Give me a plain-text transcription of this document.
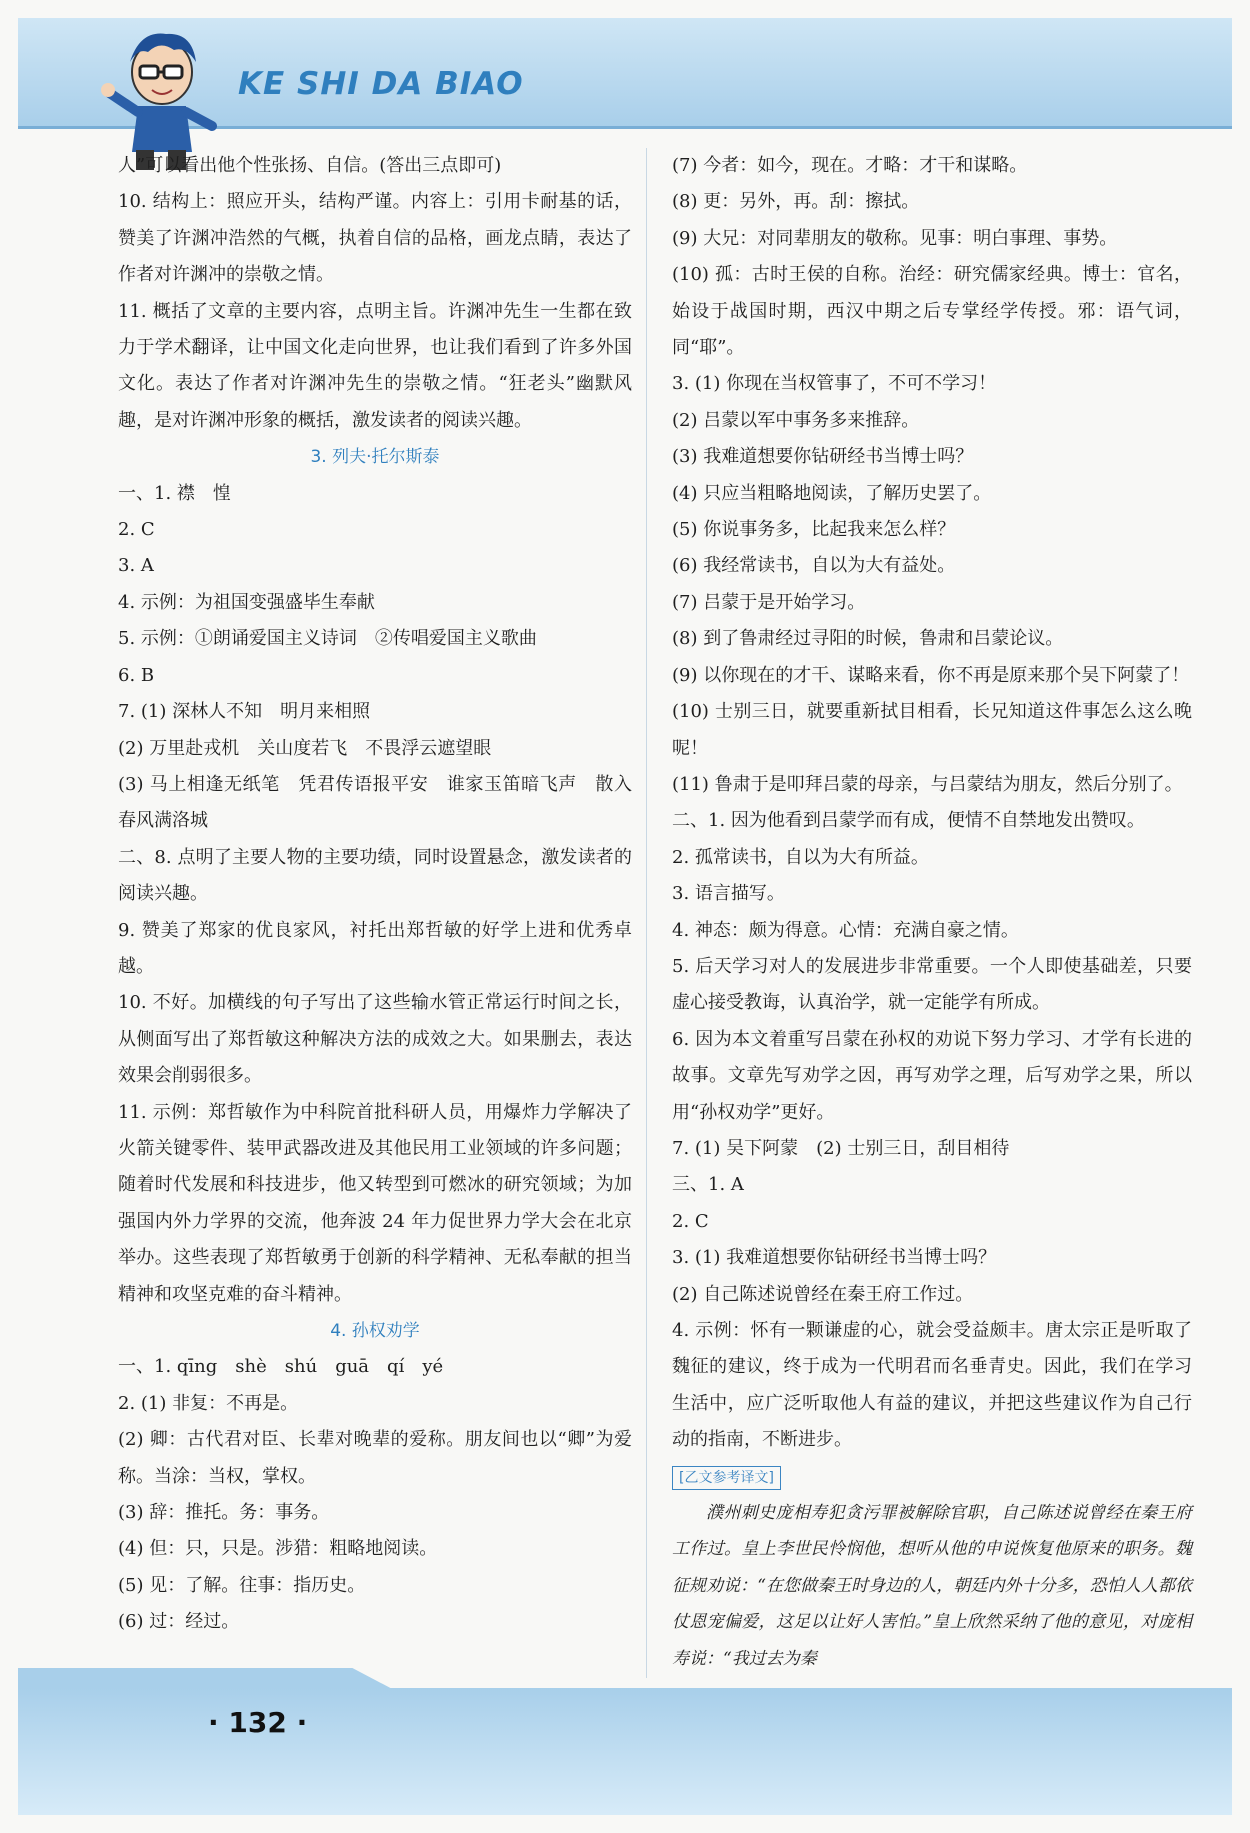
KE SHI DA BIAO

人”可以看出他个性张扬、自信。(答出三点即可)

10. 结构上：照应开头，结构严谨。内容上：引用卡耐基的话，赞美了许渊冲浩然的气概，执着自信的品格，画龙点睛，表达了作者对许渊冲的崇敬之情。

11. 概括了文章的主要内容，点明主旨。许渊冲先生一生都在致力于学术翻译，让中国文化走向世界，也让我们看到了许多外国文化。表达了作者对许渊冲先生的崇敬之情。“狂老头”幽默风趣，是对许渊冲形象的概括，激发读者的阅读兴趣。

3. 列夫·托尔斯泰

一、1. 襟　惶

2. C

3. A

4. 示例：为祖国变强盛毕生奉献

5. 示例：①朗诵爱国主义诗词　②传唱爱国主义歌曲

6. B

7. (1) 深林人不知　明月来相照

(2) 万里赴戎机　关山度若飞　不畏浮云遮望眼

(3) 马上相逢无纸笔　凭君传语报平安　谁家玉笛暗飞声　散入春风满洛城

二、8. 点明了主要人物的主要功绩，同时设置悬念，激发读者的阅读兴趣。

9. 赞美了郑家的优良家风，衬托出郑哲敏的好学上进和优秀卓越。

10. 不好。加横线的句子写出了这些输水管正常运行时间之长，从侧面写出了郑哲敏这种解决方法的成效之大。如果删去，表达效果会削弱很多。

11. 示例：郑哲敏作为中科院首批科研人员，用爆炸力学解决了火箭关键零件、装甲武器改进及其他民用工业领域的许多问题；随着时代发展和科技进步，他又转型到可燃冰的研究领域；为加强国内外力学界的交流，他奔波 24 年力促世界力学大会在北京举办。这些表现了郑哲敏勇于创新的科学精神、无私奉献的担当精神和攻坚克难的奋斗精神。

4. 孙权劝学

一、1. qīng　shè　shú　guā　qí　yé

2. (1) 非复：不再是。

(2) 卿：古代君对臣、长辈对晚辈的爱称。朋友间也以“卿”为爱称。当涂：当权，掌权。

(3) 辞：推托。务：事务。

(4) 但：只，只是。涉猎：粗略地阅读。

(5) 见：了解。往事：指历史。

(6) 过：经过。

(7) 今者：如今，现在。才略：才干和谋略。

(8) 更：另外，再。刮：擦拭。

(9) 大兄：对同辈朋友的敬称。见事：明白事理、事势。

(10) 孤：古时王侯的自称。治经：研究儒家经典。博士：官名，始设于战国时期，西汉中期之后专掌经学传授。邪：语气词，同“耶”。

3. (1) 你现在当权管事了，不可不学习！

(2) 吕蒙以军中事务多来推辞。

(3) 我难道想要你钻研经书当博士吗？

(4) 只应当粗略地阅读，了解历史罢了。

(5) 你说事务多，比起我来怎么样？

(6) 我经常读书，自以为大有益处。

(7) 吕蒙于是开始学习。

(8) 到了鲁肃经过寻阳的时候，鲁肃和吕蒙论议。

(9) 以你现在的才干、谋略来看，你不再是原来那个吴下阿蒙了！

(10) 士别三日，就要重新拭目相看，长兄知道这件事怎么这么晚呢！

(11) 鲁肃于是叩拜吕蒙的母亲，与吕蒙结为朋友，然后分别了。

二、1. 因为他看到吕蒙学而有成，便情不自禁地发出赞叹。

2. 孤常读书，自以为大有所益。

3. 语言描写。

4. 神态：颇为得意。心情：充满自豪之情。

5. 后天学习对人的发展进步非常重要。一个人即使基础差，只要虚心接受教诲，认真治学，就一定能学有所成。

6. 因为本文着重写吕蒙在孙权的劝说下努力学习、才学有长进的故事。文章先写劝学之因，再写劝学之理，后写劝学之果，所以用“孙权劝学”更好。

7. (1) 吴下阿蒙　(2) 士别三日，刮目相待

三、1. A

2. C

3. (1) 我难道想要你钻研经书当博士吗？

(2) 自己陈述说曾经在秦王府工作过。

4. 示例：怀有一颗谦虚的心，就会受益颇丰。唐太宗正是听取了魏征的建议，终于成为一代明君而名垂青史。因此，我们在学习生活中，应广泛听取他人有益的建议，并把这些建议作为自己行动的指南，不断进步。

[乙文参考译文]

濮州刺史庞相寿犯贪污罪被解除官职，自己陈述说曾经在秦王府工作过。皇上李世民怜悯他，想听从他的申说恢复他原来的职务。魏征规劝说：“在您做秦王时身边的人，朝廷内外十分多，恐怕人人都依仗恩宠偏爱，这足以让好人害怕。”皇上欣然采纳了他的意见，对庞相寿说：“我过去为秦

· 132 ·
